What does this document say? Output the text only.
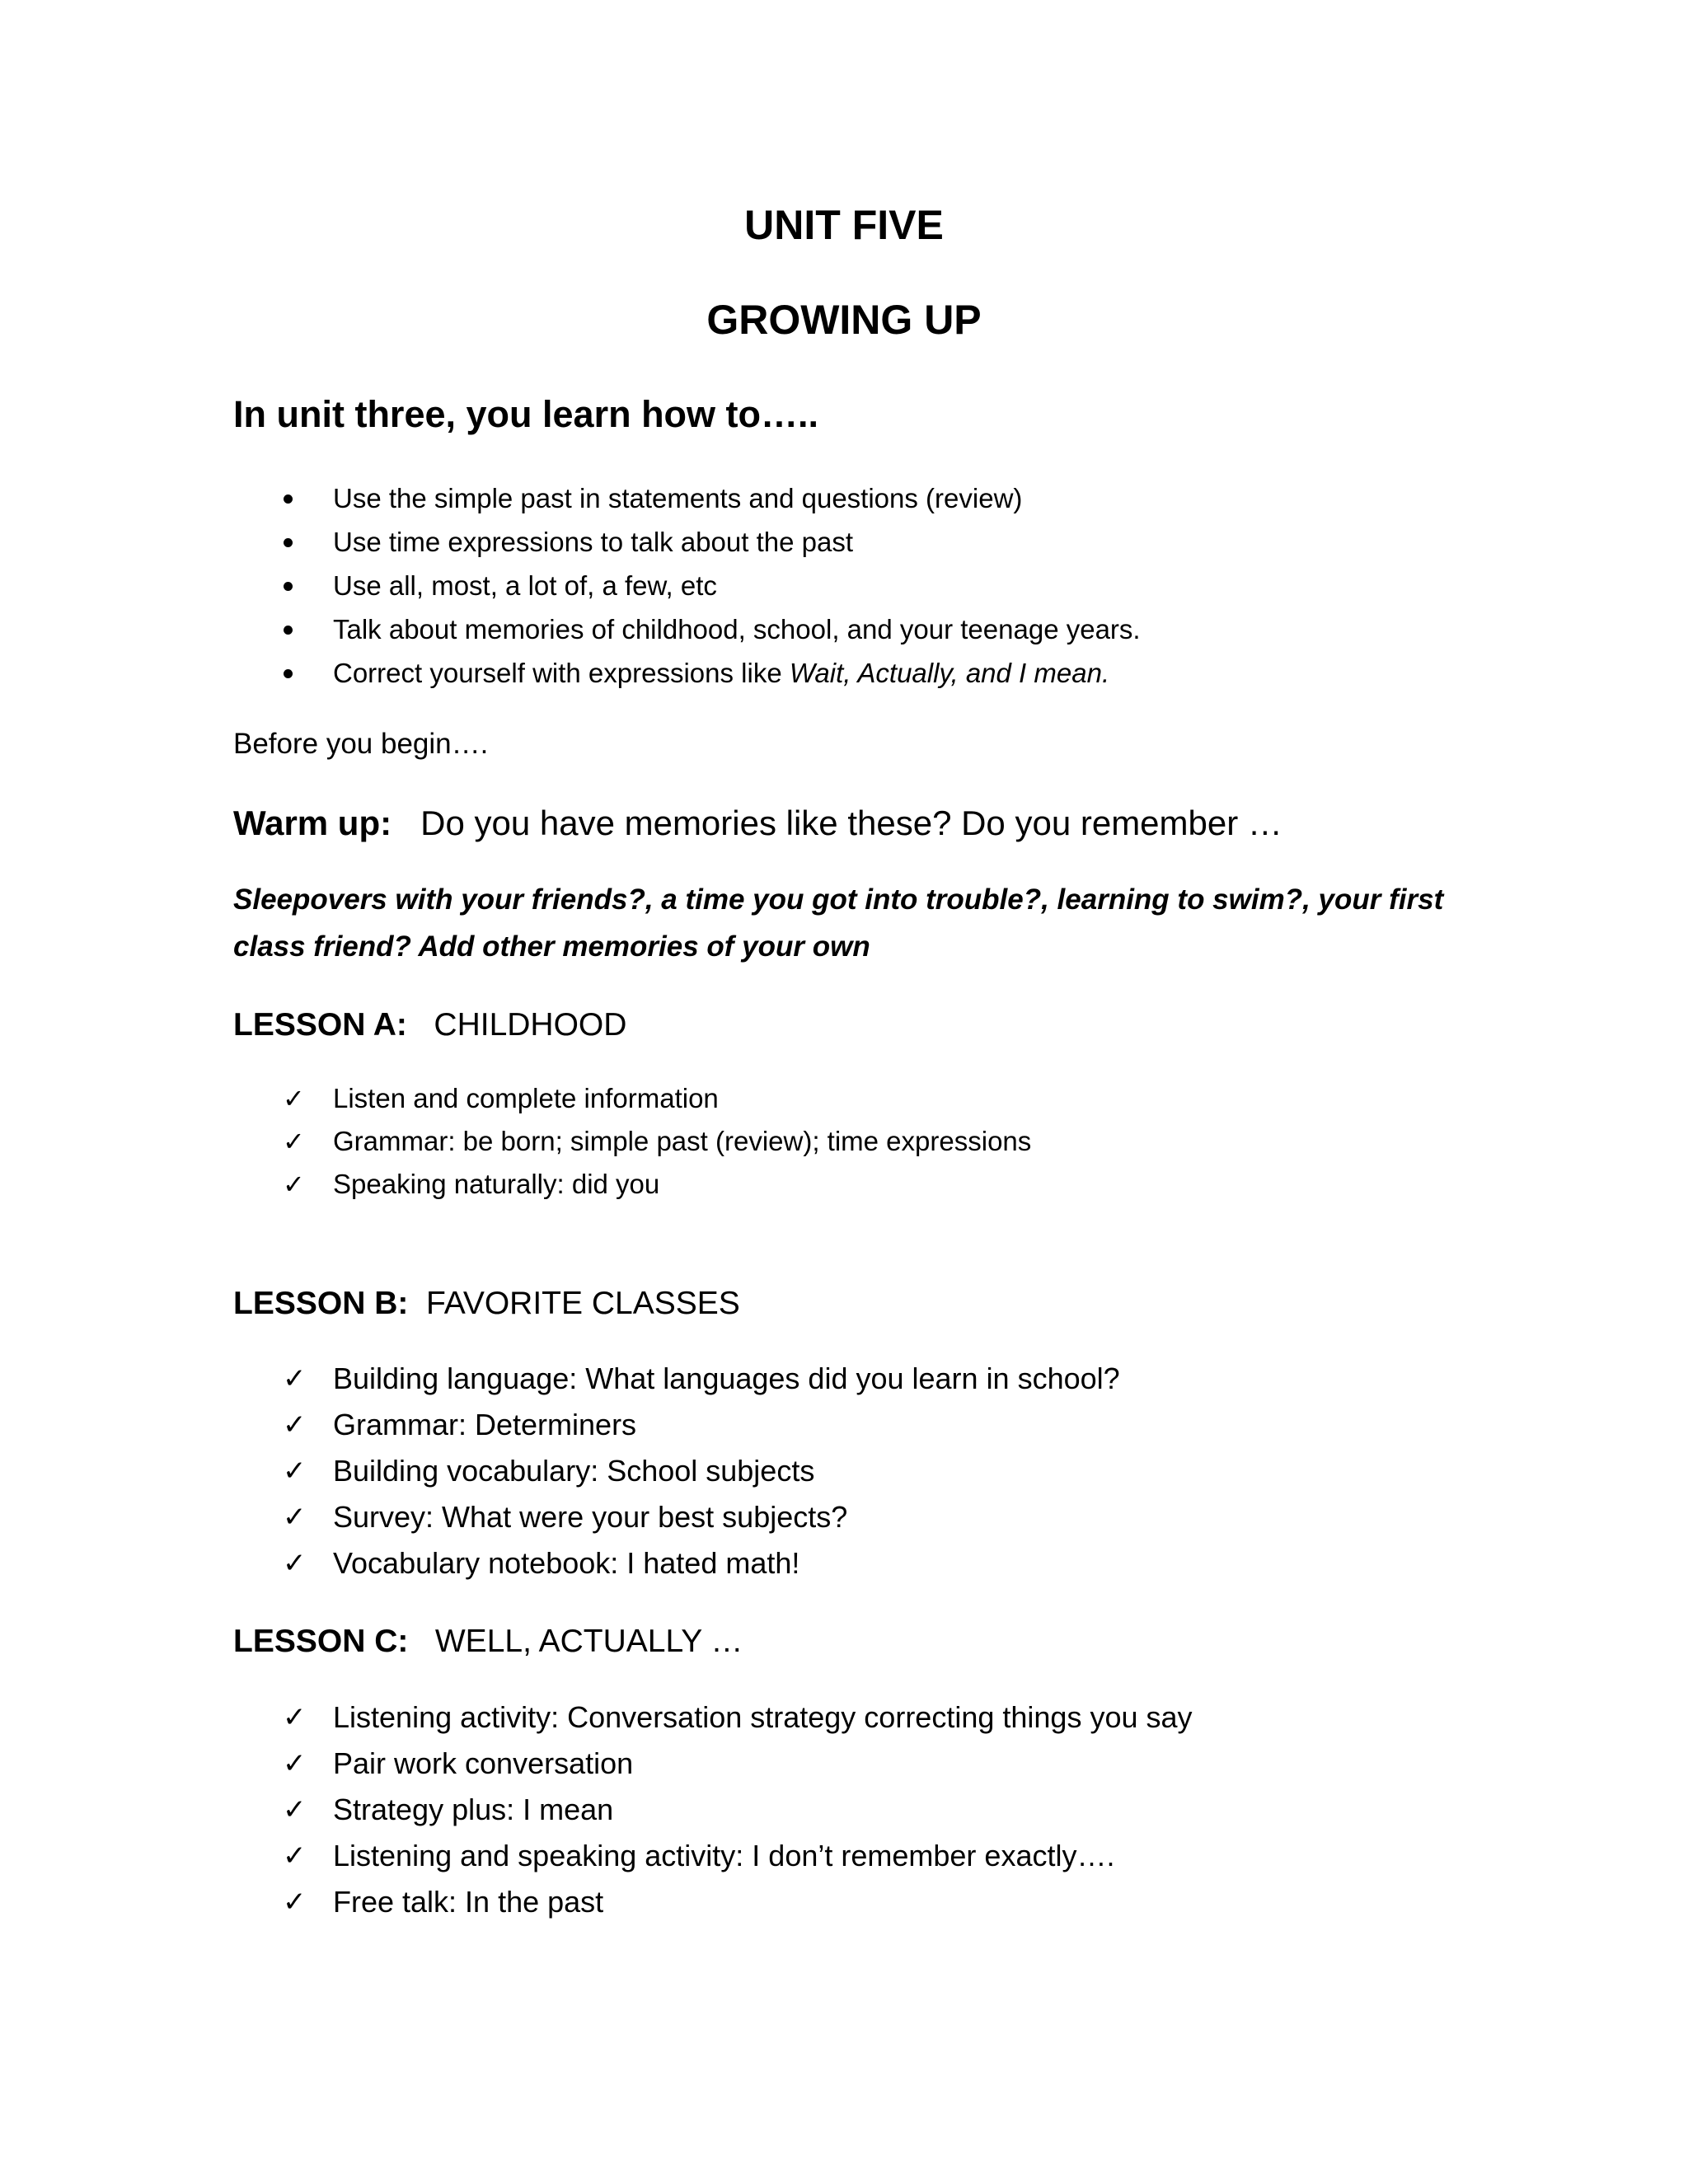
UNIT FIVE
GROWING UP
In unit three, you learn how to…..
Use the simple past in statements and questions (review)
Use time expressions to talk about the past
Use all, most, a lot of, a few, etc
Talk about memories of childhood, school, and your teenage years.
Correct yourself with expressions like Wait, Actually, and I mean.

Before you begin….

Warm up:   Do you have memories like these? Do you remember …

Sleepovers with your friends?, a time you got into trouble?, learning to swim?, your first class friend? Add other memories of your own

LESSON A:   CHILDHOOD

✓ Listen and complete information
✓ Grammar: be born; simple past (review); time expressions
✓ Speaking naturally: did you

LESSON B:  FAVORITE CLASSES

✓ Building language: What languages did you learn in school?
✓ Grammar: Determiners
✓ Building vocabulary: School subjects
✓ Survey: What were your best subjects?
✓ Vocabulary notebook: I hated math!

LESSON C:   WELL, ACTUALLY …

✓ Listening activity: Conversation strategy correcting things you say
✓ Pair work conversation
✓ Strategy plus: I mean
✓ Listening and speaking activity: I don’t remember exactly….
✓ Free talk: In the past
